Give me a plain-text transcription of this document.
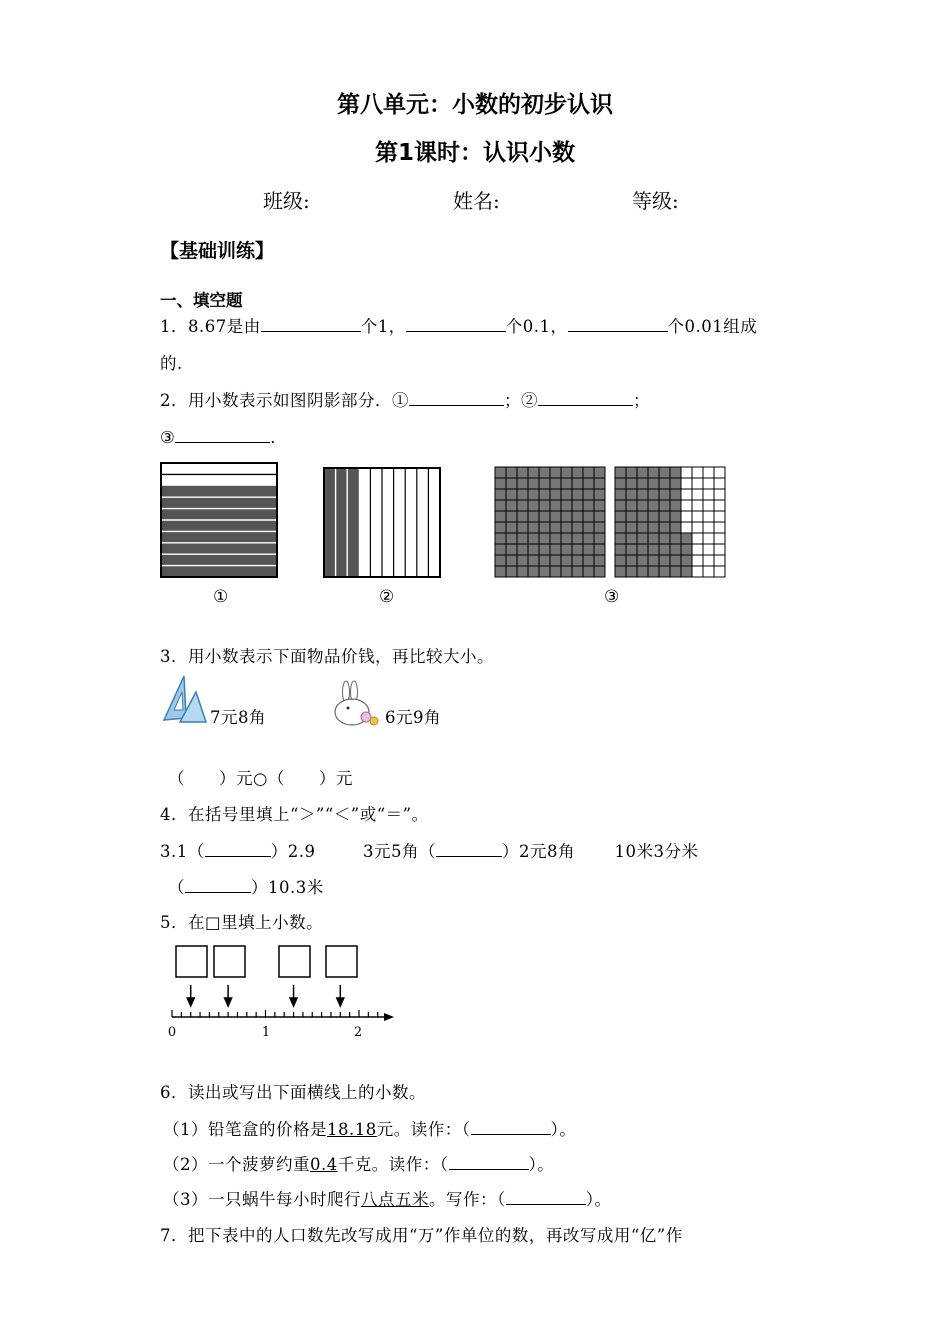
第八单元：小数的初步认识
第1课时：认识小数
班级:	姓名:	等级:
【基础训练】
一、填空题
1．8.67是由	个1，	个0.1，	个0.01组成
的.
2．用小数表示如图阴影部分．①	；②	；
③	．
①	②	③
3．用小数表示下面物品价钱，再比较大小。
7元8角	6元9角
（　　）元○（　　）元
4．在括号里填上“＞”“＜”或“＝”。
3.1（	）2.9	3元5角（	）2元8角 10米3分米
（	）10.3米
5．在□里填上小数。
0	1	2
6．读出或写出下面横线上的小数。
（1）铅笔盒的价格是18.18元。读作：（	）。
（2）一个菠萝约重0.4千克。读作：（	）。
（3）一只蜗牛每小时爬行八点五米。写作：（	）。
7．把下表中的人口数先改写成用“万”作单位的数，再改写成用“亿”作
